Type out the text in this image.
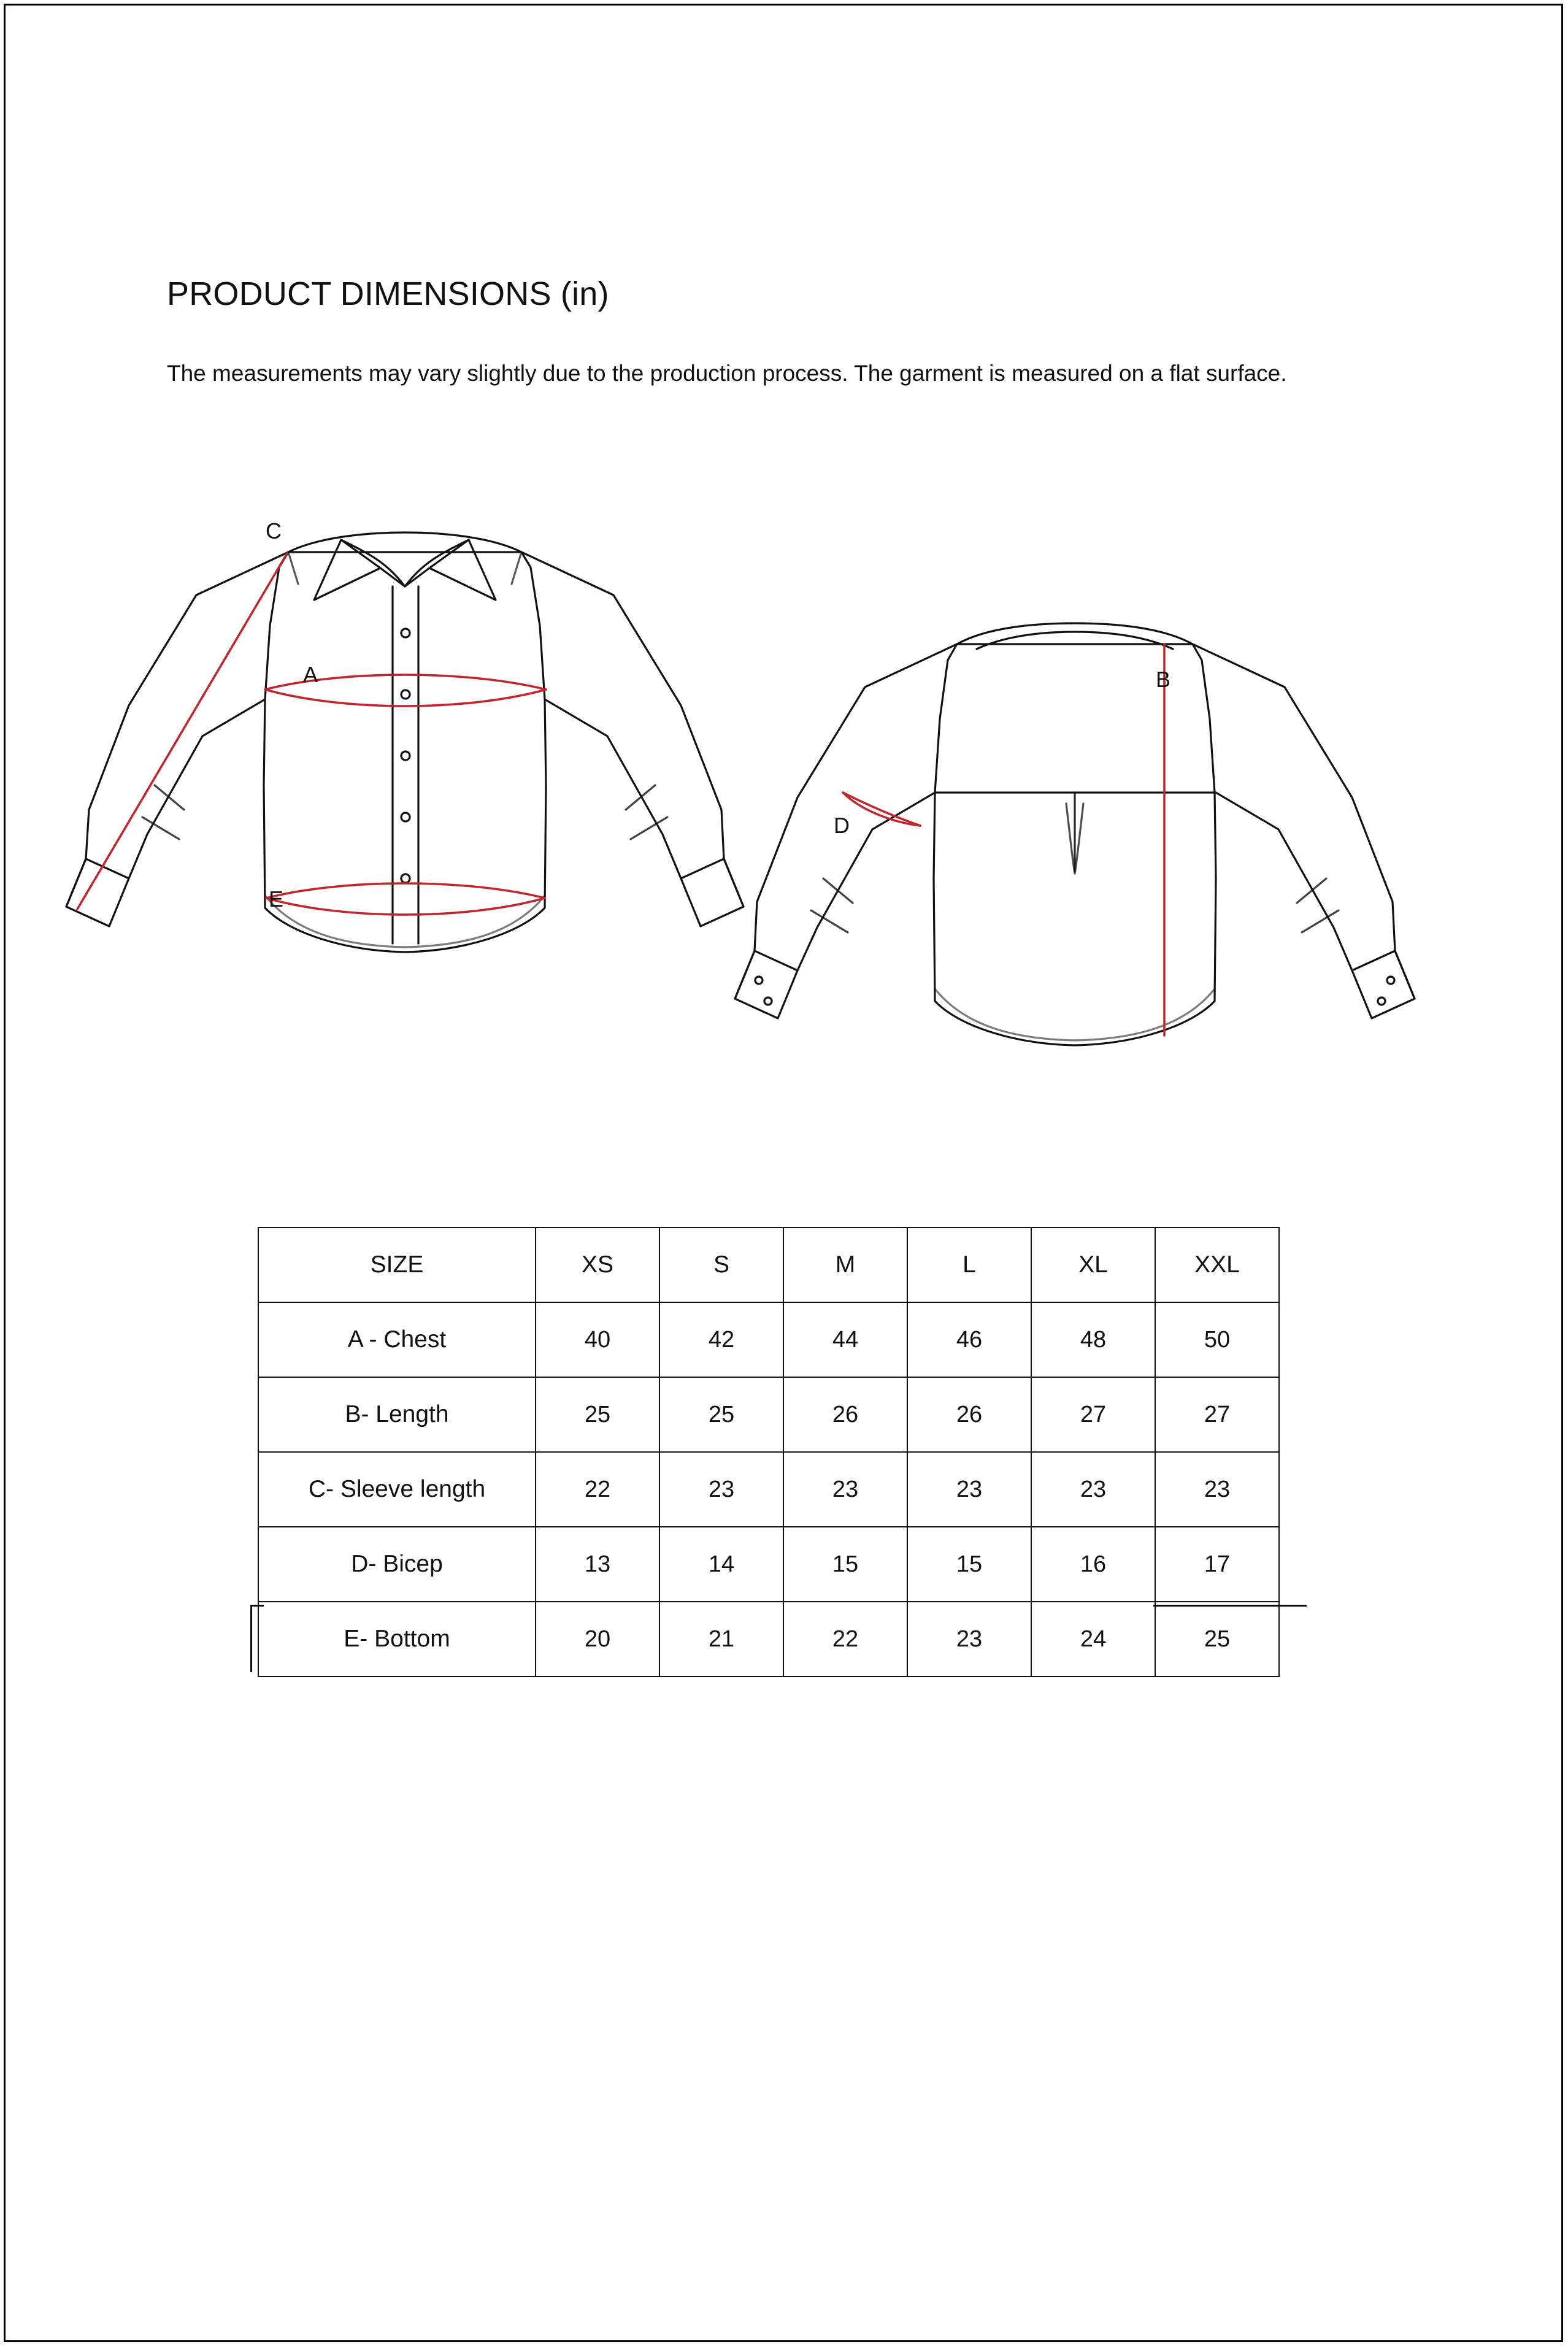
PRODUCT DIMENSIONS (in)
The measurements may vary slightly due to the production process. The garment is measured on a flat surface.
C
A
E
B
D
SIZE	XS	S	M	L	XL	XXL
A - Chest	40	42	44	46	48	50
B- Length	25	25	26	26	27	27
C- Sleeve length	22	23	23	23	23	23
D- Bicep	13	14	15	15	16	17
E- Bottom	20	21	22	23	24	25
